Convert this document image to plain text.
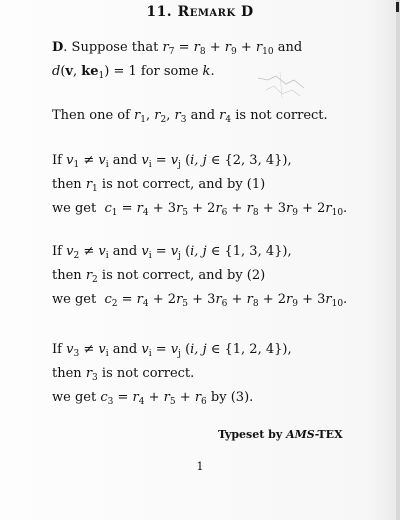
11. Remark D
D. Suppose that $r_7 = r_8 + r_9 + r_{10}$ and
d(v, $ke_1) = 1$ for some k.
Then one of $r_1$, $r_2$, $r_3$ and $r_4$ is not correct.
If $v_1 \ne v_i$ and $v_i = v_j$ (i, j ∈ {2, 3, 4}),
then $r_1$ is not correct, and by (1)
we get $c_1 = r_4 + 3r_5 + 2r_6 + r_8 + 3r_9 + 2r_{10}$.
If $v_2 \ne v_i$ and $v_i = v_j$ (i, j ∈ {1, 3, 4}),
then $r_2$ is not correct, and by (2)
we get $c_2 = r_4 + 2r_5 + 3r_6 + r_8 + 2r_9 + 3r_{10}$.
If $v_3 \ne v_i$ and $v_i = v_j$ (i, j ∈ {1, 2, 4}),
then $r_3$ is not correct.
we get $c_3 = r_4 + r_5 + r_6$ by (3).
Typeset by AMS-TEX
1
